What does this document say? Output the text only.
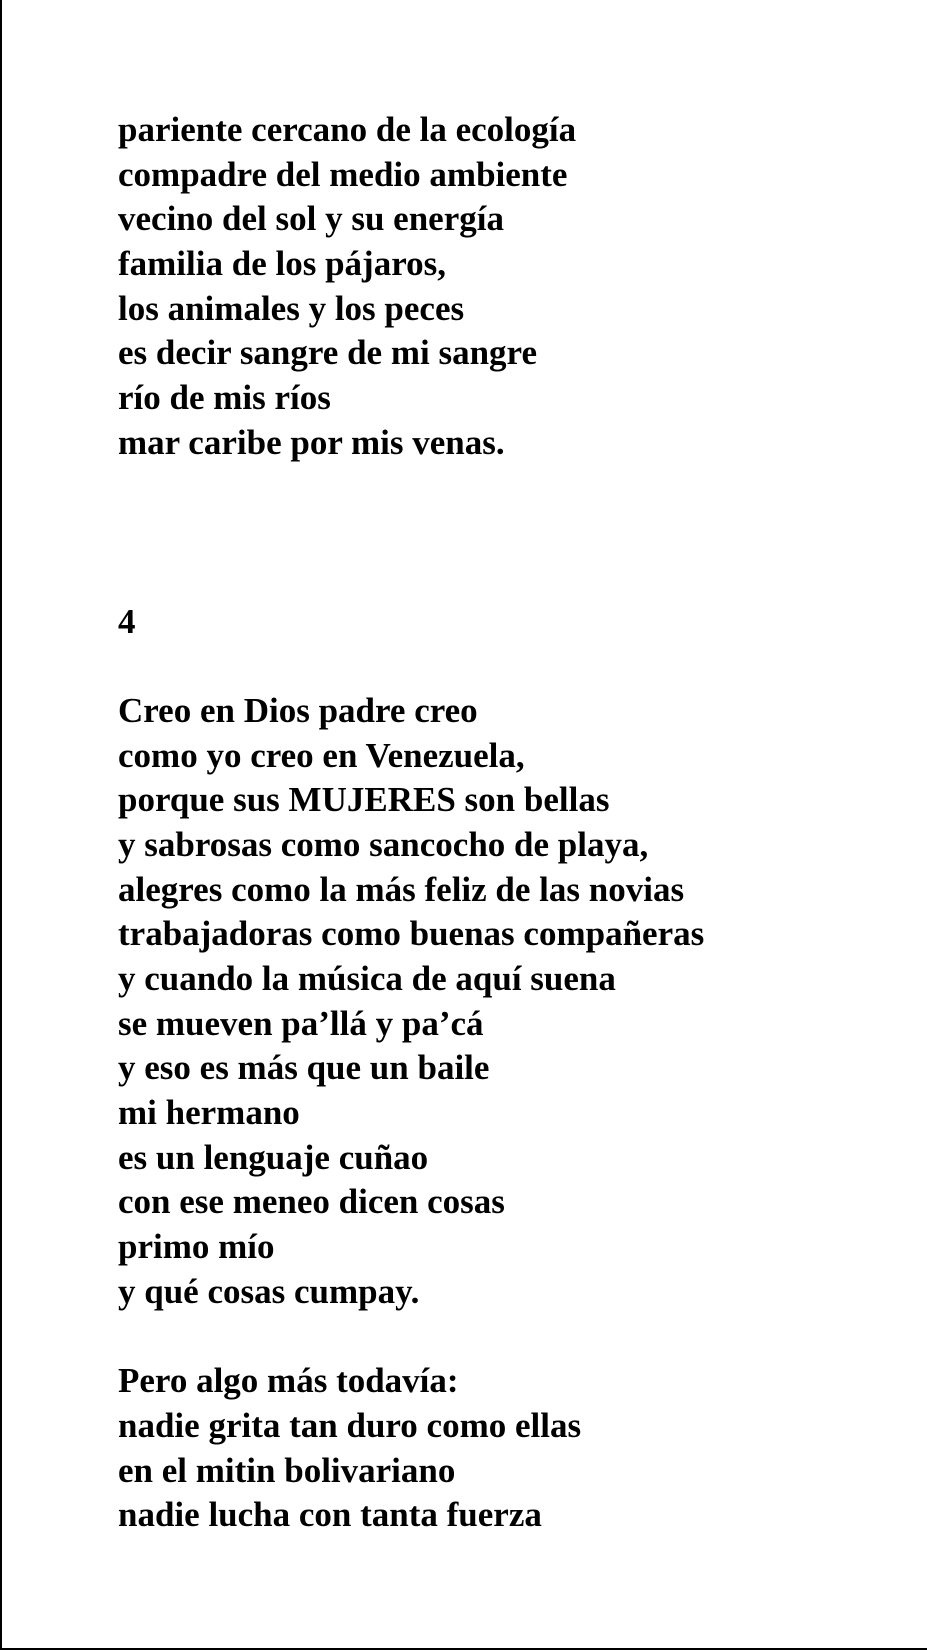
pariente cercano de la ecología
compadre del medio ambiente
vecino del sol y su energía
familia de los pájaros,
los animales y los peces
es decir sangre de mi sangre
río de mis ríos
mar caribe por mis venas.
4
Creo en Dios padre creo
como yo creo en Venezuela,
porque sus MUJERES son bellas
y sabrosas como sancocho de playa,
alegres como la más feliz de las novias
trabajadoras como buenas compañeras
y cuando la música de aquí suena
se mueven pa’llá y pa’cá
y eso es más que un baile
mi hermano
es un lenguaje cuñao
con ese meneo dicen cosas
primo mío
y qué cosas cumpay.
Pero algo más todavía:
nadie grita tan duro como ellas
en el mitin bolivariano
nadie lucha con tanta fuerza
